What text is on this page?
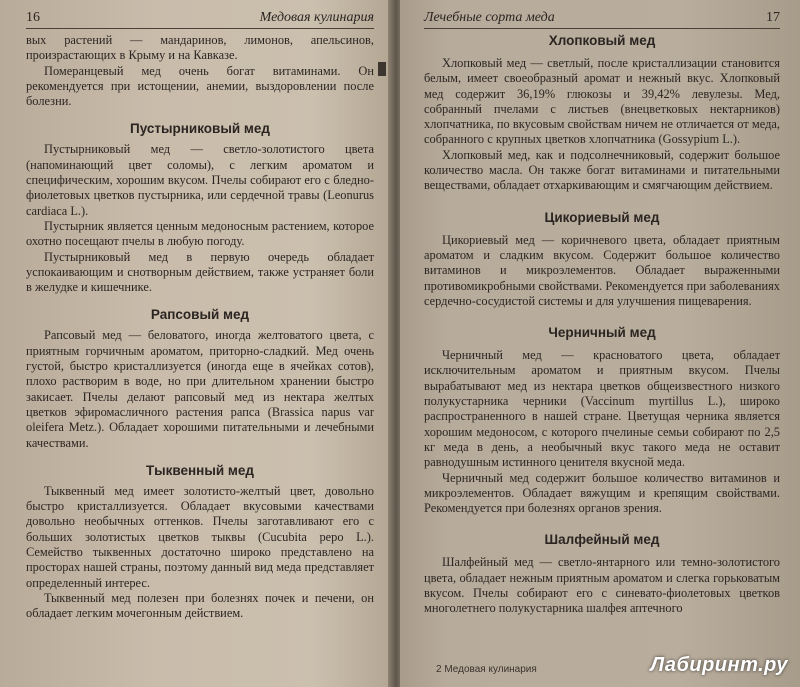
16	Медовая кулинария

вых растений — мандаринов, лимонов, апельсинов, произрастающих в Крыму и на Кавказе.

Померанцевый мед очень богат витаминами. Он рекомендуется при истощении, анемии, выздоровлении после болезни.

Пустырниковый мед

Пустырниковый мед — светло-золотистого цвета (напоминающий цвет соломы), с легким ароматом и специфическим, хорошим вкусом. Пчелы собирают его с бледно-фиолетовых цветков пустырника, или сердечной травы (Leonurus cardiaca L.).

Пустырник является ценным медоносным растением, которое охотно посещают пчелы в любую погоду.

Пустырниковый мед в первую очередь обладает успокаивающим и снотворным действием, также устраняет боли в желудке и кишечнике.

Рапсовый мед

Рапсовый мед — беловатого, иногда желтоватого цвета, с приятным горчичным ароматом, приторно-сладкий. Мед очень густой, быстро кристаллизуется (иногда еще в ячейках сотов), плохо растворим в воде, но при длительном хранении быстро закисает. Пчелы делают рапсовый мед из нектара желтых цветков эфиромасличного растения рапса (Brassica napus var oleifera Metz.). Обладает хорошими питательными и лечебными качествами.

Тыквенный мед

Тыквенный мед имеет золотисто-желтый цвет, довольно быстро кристаллизуется. Обладает вкусовыми качествами довольно необычных оттенков. Пчелы заготавливают его с больших золотистых цветков тыквы (Cucubita pepo L.). Семейство тыквенных достаточно широко представлено на просторах нашей страны, поэтому данный вид меда представляет определенный интерес.

Тыквенный мед полезен при болезнях почек и печени, он обладает легким мочегонным действием.

Лечебные сорта меда	17
Хлопковый мед

Хлопковый мед — светлый, после кристаллизации становится белым, имеет своеобразный аромат и нежный вкус. Хлопковый мед содержит 36,19% глюкозы и 39,42% левулезы. Мед, собранный пчелами с листьев (внецветковых нектарников) хлопчатника, по вкусовым свойствам ничем не отличается от меда, собранного с крупных цветков хлопчатника (Gossypium L.).

Хлопковый мед, как и подсолнечниковый, содержит большое количество масла. Он также богат витаминами и питательными веществами, обладает отхаркивающим и смягчающим действием.

Цикориевый мед

Цикориевый мед — коричневого цвета, обладает приятным ароматом и сладким вкусом. Содержит большое количество витаминов и микроэлементов. Обладает выраженными противомикробными свойствами. Рекомендуется при заболеваниях сердечно-сосудистой системы и для улучшения пищеварения.

Черничный мед

Черничный мед — красноватого цвета, обладает исключительным ароматом и приятным вкусом. Пчелы вырабатывают мед из нектара цветков общеизвестного низкого полукустарника черники (Vaccinum myrtillus L.), широко распространенного в нашей стране. Цветущая черника является хорошим медоносом, с которого пчелиные семьи собирают по 2,5 кг меда в день, а необычный вкус такого меда не оставит равнодушным истинного ценителя вкусной меда.

Черничный мед содержит большое количество витаминов и микроэлементов. Обладает вяжущим и крепящим свойствами. Рекомендуется при болезнях органов зрения.

Шалфейный мед

Шалфейный мед — светло-янтарного или темно-золотистого цвета, обладает нежным приятным ароматом и слегка горьковатым вкусом. Пчелы собирают его с синевато-фиолетовых цветков многолетнего полукустарника шалфея аптечного

2 Медовая кулинария	Лабиринт.ру
